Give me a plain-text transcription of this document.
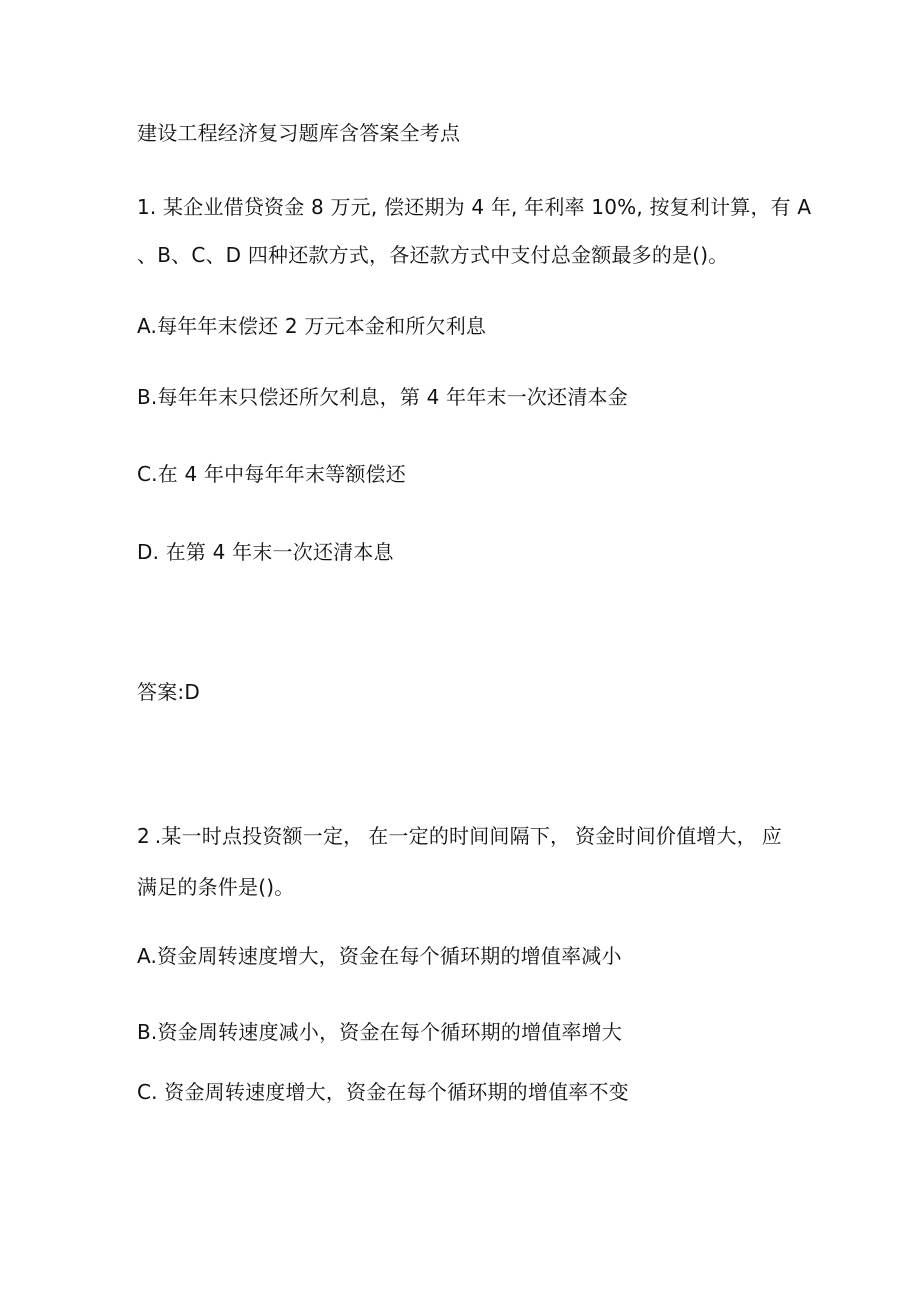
建设工程经济复习题库含答案全考点
1. 某企业借贷资金 8 万元, 偿还期为 4 年, 年利率 10%, 按复利计算，有 A
、B、C、D 四种还款方式，各还款方式中支付总金额最多的是()。
A.每年年末偿还 2 万元本金和所欠利息
B.每年年末只偿还所欠利息，第 4 年年末一次还清本金
C.在 4 年中每年年末等额偿还
D. 在第 4 年末一次还清本息
答案:D
2 .某一时点投资额一定， 在一定的时间间隔下， 资金时间价值增大， 应
满足的条件是()。
A.资金周转速度增大，资金在每个循环期的增值率减小
B.资金周转速度减小，资金在每个循环期的增值率增大
C. 资金周转速度增大，资金在每个循环期的增值率不变
